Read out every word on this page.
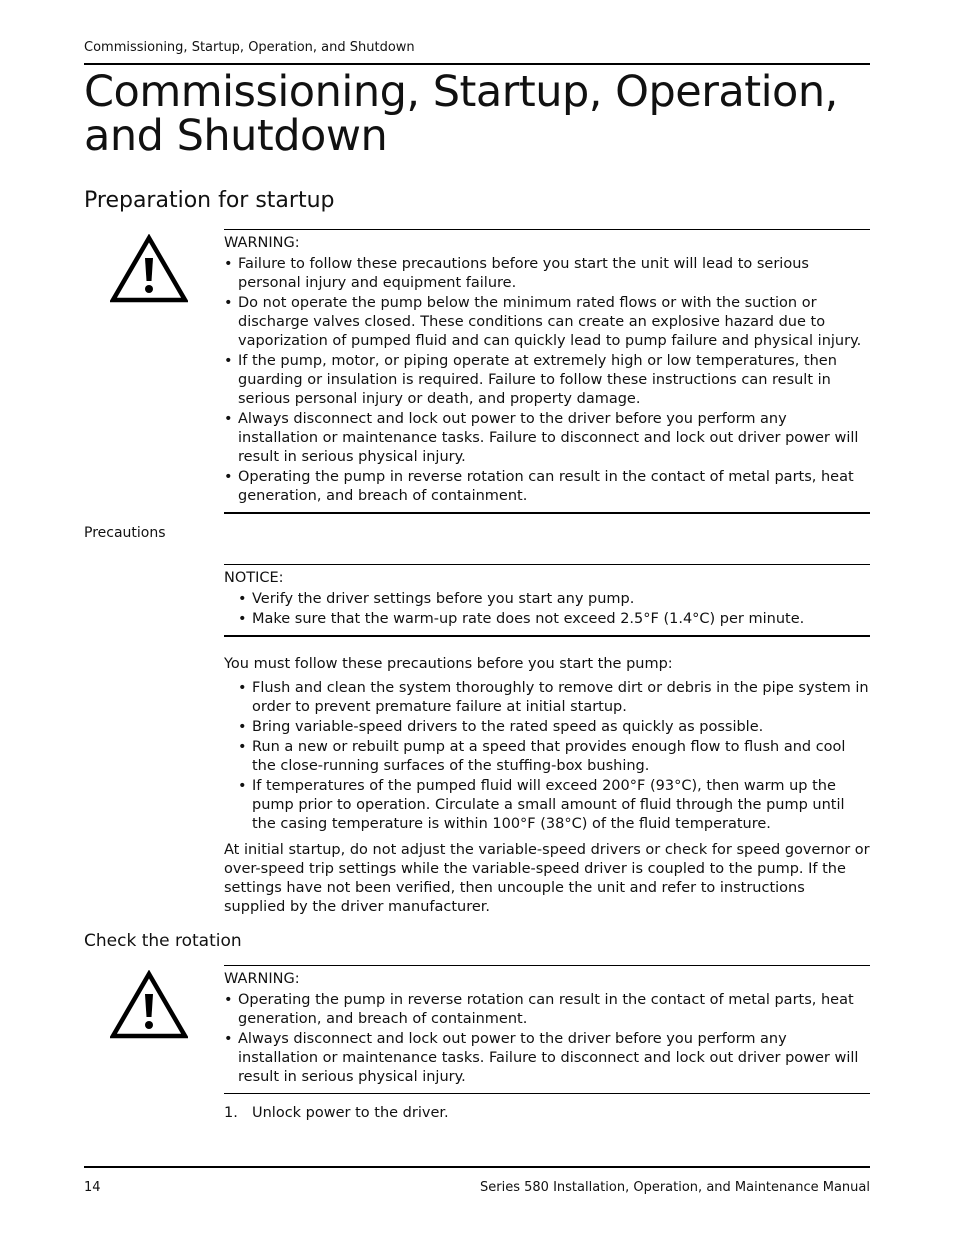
Commissioning, Startup, Operation, and Shutdown
Commissioning, Startup, Operation, and Shutdown
Preparation for startup
WARNING:
• Failure to follow these precautions before you start the unit will lead to serious personal injury and equipment failure.
• Do not operate the pump below the minimum rated flows or with the suction or discharge valves closed. These conditions can create an explosive hazard due to vaporization of pumped fluid and can quickly lead to pump failure and physical injury.
• If the pump, motor, or piping operate at extremely high or low temperatures, then guarding or insulation is required. Failure to follow these instructions can result in serious personal injury or death, and property damage.
• Always disconnect and lock out power to the driver before you perform any installation or maintenance tasks. Failure to disconnect and lock out driver power will result in serious physical injury.
• Operating the pump in reverse rotation can result in the contact of metal parts, heat generation, and breach of containment.
Precautions
NOTICE:
• Verify the driver settings before you start any pump.
• Make sure that the warm-up rate does not exceed 2.5°F (1.4°C) per minute.

You must follow these precautions before you start the pump:

• Flush and clean the system thoroughly to remove dirt or debris in the pipe system in order to prevent premature failure at initial startup.
• Bring variable-speed drivers to the rated speed as quickly as possible.
• Run a new or rebuilt pump at a speed that provides enough flow to flush and cool the close-running surfaces of the stuffing-box bushing.
• If temperatures of the pumped fluid will exceed 200°F (93°C), then warm up the pump prior to operation. Circulate a small amount of fluid through the pump until the casing temperature is within 100°F (38°C) of the fluid temperature.

At initial startup, do not adjust the variable-speed drivers or check for speed governor or over-speed trip settings while the variable-speed driver is coupled to the pump. If the settings have not been verified, then uncouple the unit and refer to instructions supplied by the driver manufacturer.

Check the rotation
WARNING:
• Operating the pump in reverse rotation can result in the contact of metal parts, heat generation, and breach of containment.
• Always disconnect and lock out power to the driver before you perform any installation or maintenance tasks. Failure to disconnect and lock out driver power will result in serious physical injury.
1. Unlock power to the driver.
14	Series 580 Installation, Operation, and Maintenance Manual
